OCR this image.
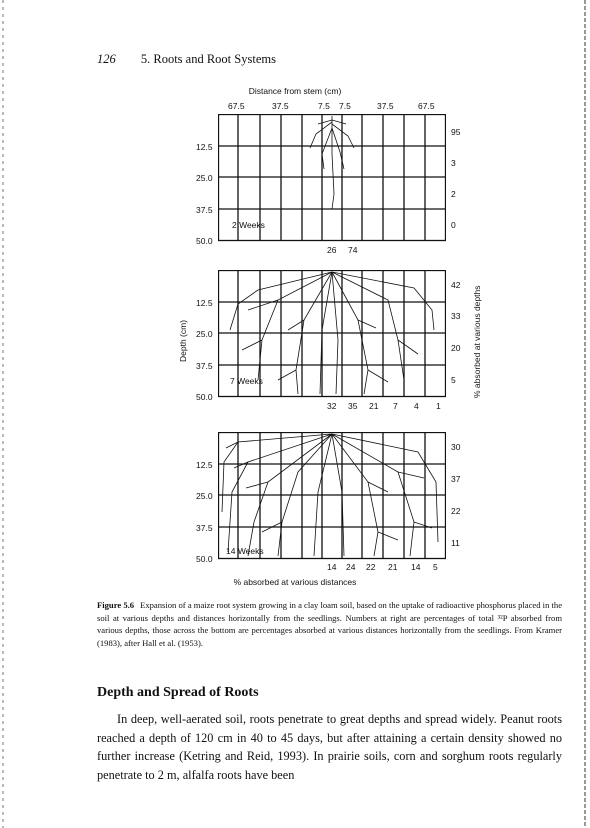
126 5. Roots and Root Systems
Distance from stem (cm)
67.5	37.5	7.5 7.5	37.5	67.5
12.5
25.0
37.5
50.0
2 Weeks
95
3
2
0
26 74
12.5
25.0
37.5
50.0
7 Weeks
42
33
20
5
32 35 21 7 4 1
12.5
25.0
37.5
50.0
14 Weeks
30
37
22
11
14 24 22 21 14 5
% absorbed at various distances
Depth (cm)	% absorbed at various depths
Figure 5.6 Expansion of a maize root system growing in a clay loam soil, based on the uptake of radioactive phosphorus placed in the soil at various depths and distances horizontally from the seedlings. Numbers at right are percentages of total ³²P absorbed from various depths, those across the bottom are percentages absorbed at various distances horizontally from the seedlings. From Kramer (1983), after Hall et al. (1953).
Depth and Spread of Roots

In deep, well-aerated soil, roots penetrate to great depths and spread widely. Peanut roots reached a depth of 120 cm in 40 to 45 days, but after attaining a certain density showed no further increase (Ketring and Reid, 1993). In prairie soils, corn and sorghum roots regularly penetrate to 2 m, alfalfa roots have been
